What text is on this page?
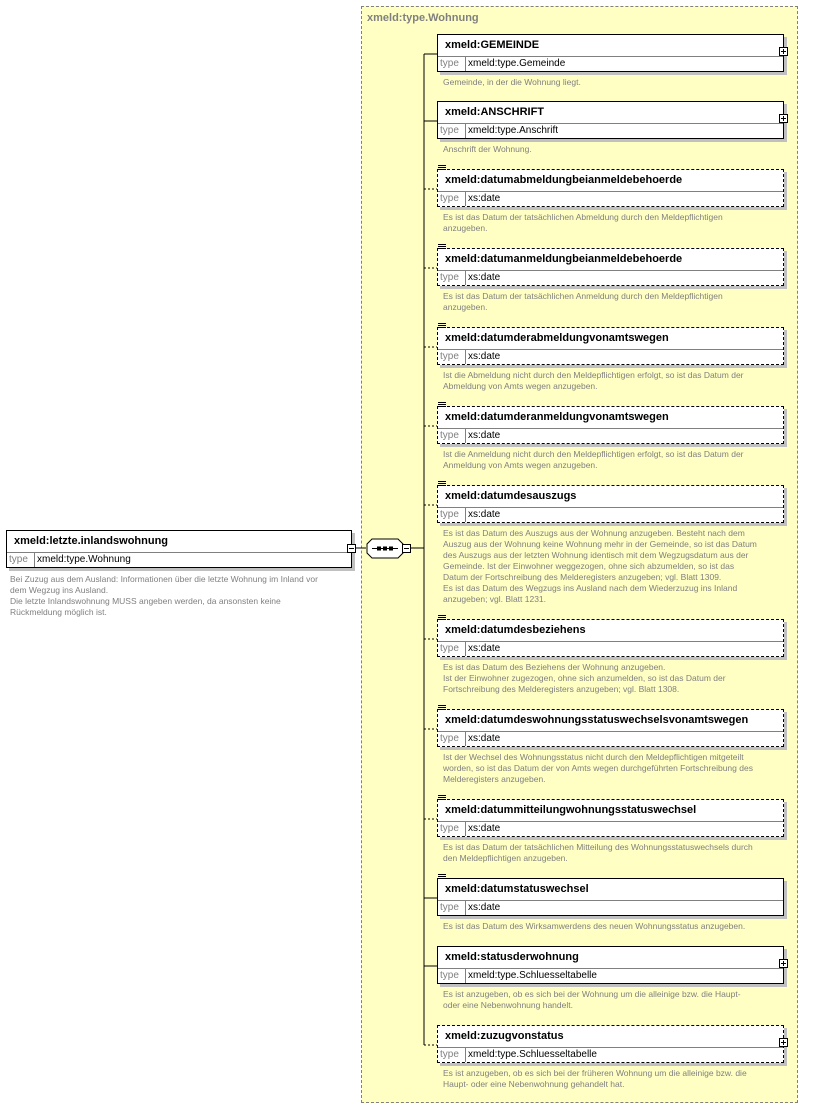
xmeld:type.Wohnung
xmeld:letzte.inlandswohnung
type xmeld:type.Wohnung
Bei Zuzug aus dem Ausland: Informationen über die letzte Wohnung im Inland vor
dem Wegzug ins Ausland.
Die letzte Inlandswohnung MUSS angeben werden, da ansonsten keine
Rückmeldung möglich ist.
xmeld:GEMEINDE
type xmeld:type.Gemeinde
Gemeinde, in der die Wohnung liegt.
xmeld:ANSCHRIFT
type xmeld:type.Anschrift
Anschrift der Wohnung.
xmeld:datumabmeldungbeianmeldebehoerde
type xs:date
Es ist das Datum der tatsächlichen Abmeldung durch den Meldepflichtigen
anzugeben.
xmeld:datumanmeldungbeianmeldebehoerde
type xs:date
Es ist das Datum der tatsächlichen Anmeldung durch den Meldepflichtigen
anzugeben.
xmeld:datumderabmeldungvonamtswegen
type xs:date
Ist die Abmeldung nicht durch den Meldepflichtigen erfolgt, so ist das Datum der
Abmeldung von Amts wegen anzugeben.
xmeld:datumderanmeldungvonamtswegen
type xs:date
Ist die Anmeldung nicht durch den Meldepflichtigen erfolgt, so ist das Datum der
Anmeldung von Amts wegen anzugeben.
xmeld:datumdesauszugs
type xs:date
Es ist das Datum des Auszugs aus der Wohnung anzugeben. Besteht nach dem
Auszug aus der Wohnung keine Wohnung mehr in der Gemeinde, so ist das Datum
des Auszugs aus der letzten Wohnung identisch mit dem Wegzugsdatum aus der
Gemeinde. Ist der Einwohner weggezogen, ohne sich abzumelden, so ist das
Datum der Fortschreibung des Melderegisters anzugeben; vgl. Blatt 1309.
Es ist das Datum des Wegzugs ins Ausland nach dem Wiederzuzug ins Inland
anzugeben; vgl. Blatt 1231.
xmeld:datumdesbeziehens
type xs:date
Es ist das Datum des Beziehens der Wohnung anzugeben.
Ist der Einwohner zugezogen, ohne sich anzumelden, so ist das Datum der
Fortschreibung des Melderegisters anzugeben; vgl. Blatt 1308.
xmeld:datumdeswohnungsstatuswechselsvonamtswegen
type xs:date
Ist der Wechsel des Wohnungsstatus nicht durch den Meldepflichtigen mitgeteilt
worden, so ist das Datum der von Amts wegen durchgeführten Fortschreibung des
Melderegisters anzugeben.
xmeld:datummitteilungwohnungsstatuswechsel
type xs:date
Es ist das Datum der tatsächlichen Mitteilung des Wohnungsstatuswechsels durch
den Meldepflichtigen anzugeben.
xmeld:datumstatuswechsel
type xs:date
Es ist das Datum des Wirksamwerdens des neuen Wohnungsstatus anzugeben.
xmeld:statusderwohnung
type xmeld:type.Schluesseltabelle
Es ist anzugeben, ob es sich bei der Wohnung um die alleinige bzw. die Haupt-
oder eine Nebenwohnung handelt.
xmeld:zuzugvonstatus
type xmeld:type.Schluesseltabelle
Es ist anzugeben, ob es sich bei der früheren Wohnung um die alleinige bzw. die
Haupt- oder eine Nebenwohnung gehandelt hat.
